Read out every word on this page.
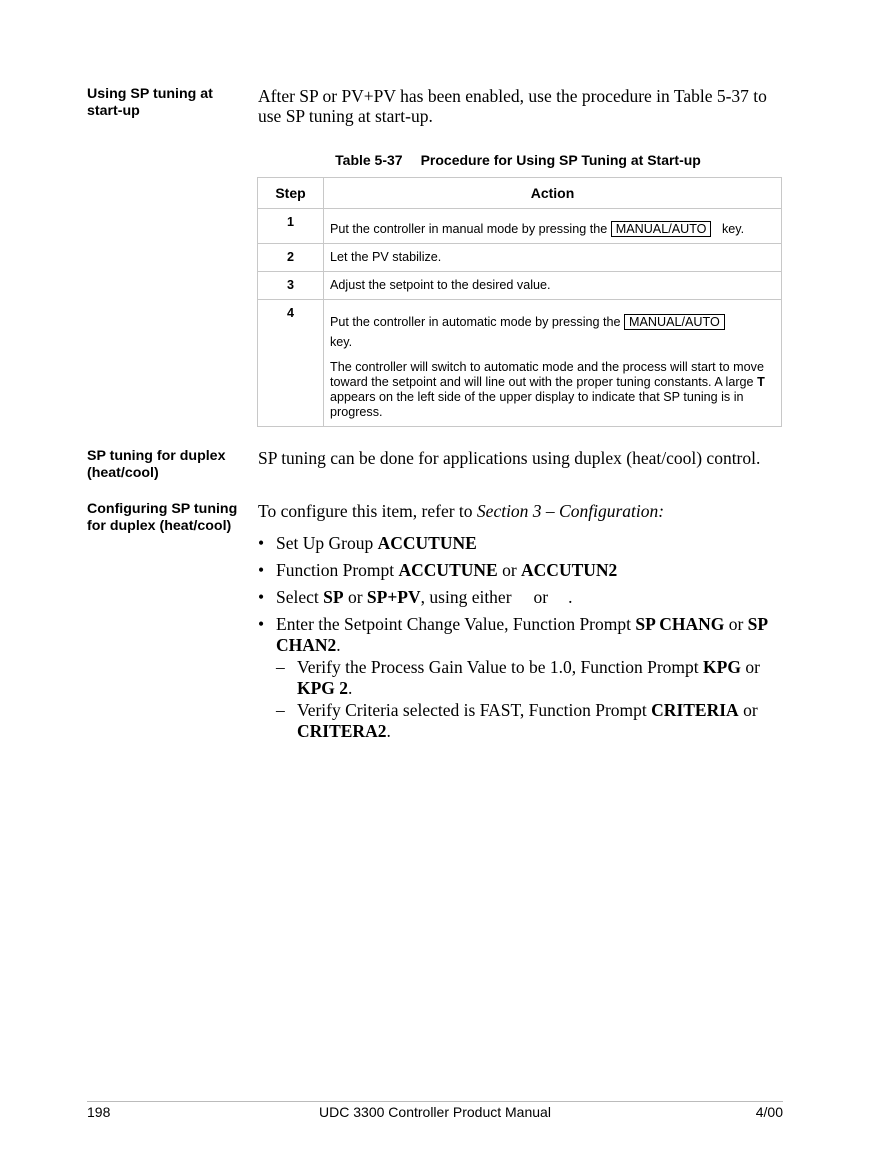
Using SP tuning at start-up
After SP or PV+PV has been enabled, use the procedure in Table 5-37 to use SP tuning at start-up.
Table 5-37 Procedure for Using SP Tuning at Start-up
Step	Action
1	Put the controller in manual mode by pressing the MANUAL/AUTO key.
2	Let the PV stabilize.
3	Adjust the setpoint to the desired value.
4	Put the controller in automatic mode by pressing the MANUAL/AUTO
key.
The controller will switch to automatic mode and the process will start to move toward the setpoint and will line out with the proper tuning constants. A large T appears on the left side of the upper display to indicate that SP tuning is in progress.
SP tuning for duplex (heat/cool)
SP tuning can be done for applications using duplex (heat/cool) control.
Configuring SP tuning for duplex (heat/cool)
To configure this item, refer to Section 3 – Configuration:
• Set Up Group ACCUTUNE
• Function Prompt ACCUTUNE or ACCUTUN2
• Select SP or SP+PV, using either or .
• Enter the Setpoint Change Value, Function Prompt SP CHANG or SP CHAN2.
– Verify the Process Gain Value to be 1.0, Function Prompt KPG or KPG 2.
– Verify Criteria selected is FAST, Function Prompt CRITERIA or CRITERA2.
198	UDC 3300 Controller Product Manual	4/00
